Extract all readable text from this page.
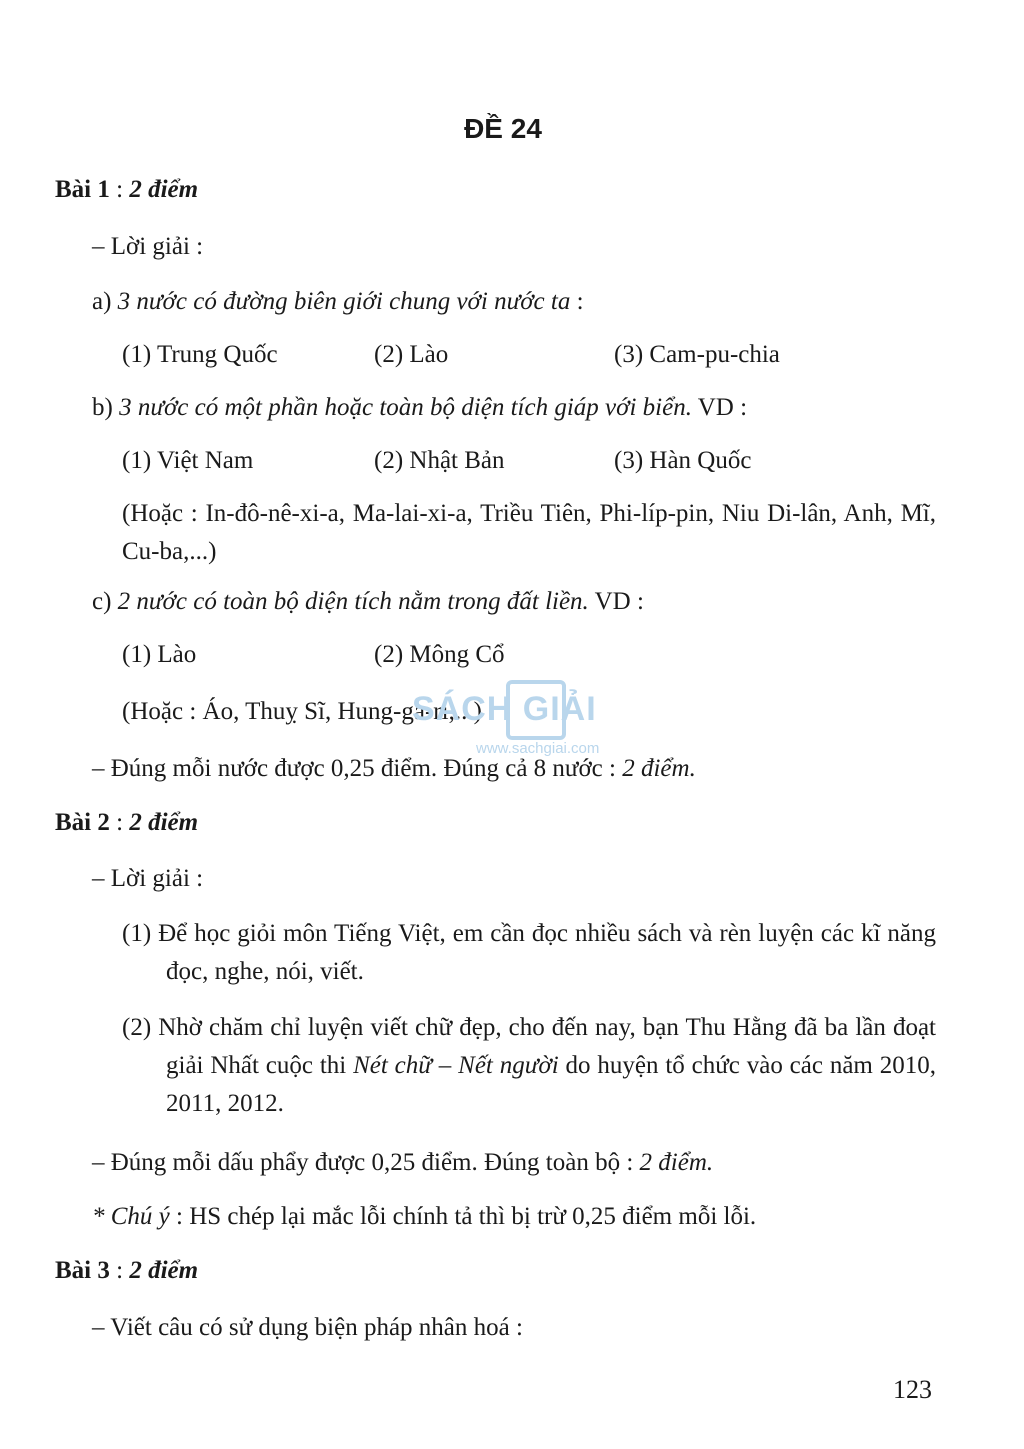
ĐỀ 24
Bài 1 : 2 điểm
– Lời giải :
a) 3 nước có đường biên giới chung với nước ta :
(1) Trung Quốc	(2) Lào	(3) Cam-pu-chia
b) 3 nước có một phần hoặc toàn bộ diện tích giáp với biển. VD :
(1) Việt Nam	(2) Nhật Bản	(3) Hàn Quốc
(Hoặc : In-đô-nê-xi-a, Ma-lai-xi-a, Triều Tiên, Phi-líp-pin, Niu Di-lân, Anh, Mĩ, Cu-ba,...)
c) 2 nước có toàn bộ diện tích nằm trong đất liền. VD :
(1) Lào	(2) Mông Cổ
(Hoặc : Áo, Thuỵ Sĩ, Hung-ga-ri,...)
– Đúng mỗi nước được 0,25 điểm. Đúng cả 8 nước : 2 điểm.
Bài 2 : 2 điểm
– Lời giải :
(1) Để học giỏi môn Tiếng Việt, em cần đọc nhiều sách và rèn luyện các kĩ năng đọc, nghe, nói, viết.
(2) Nhờ chăm chỉ luyện viết chữ đẹp, cho đến nay, bạn Thu Hằng đã ba lần đoạt giải Nhất cuộc thi Nét chữ – Nết người do huyện tổ chức vào các năm 2010, 2011, 2012.
– Đúng mỗi dấu phẩy được 0,25 điểm. Đúng toàn bộ : 2 điểm.
* Chú ý : HS chép lại mắc lỗi chính tả thì bị trừ 0,25 điểm mỗi lỗi.
Bài 3 : 2 điểm
– Viết câu có sử dụng biện pháp nhân hoá :
SÁCH GIẢI
www.sachgiai.com
123
